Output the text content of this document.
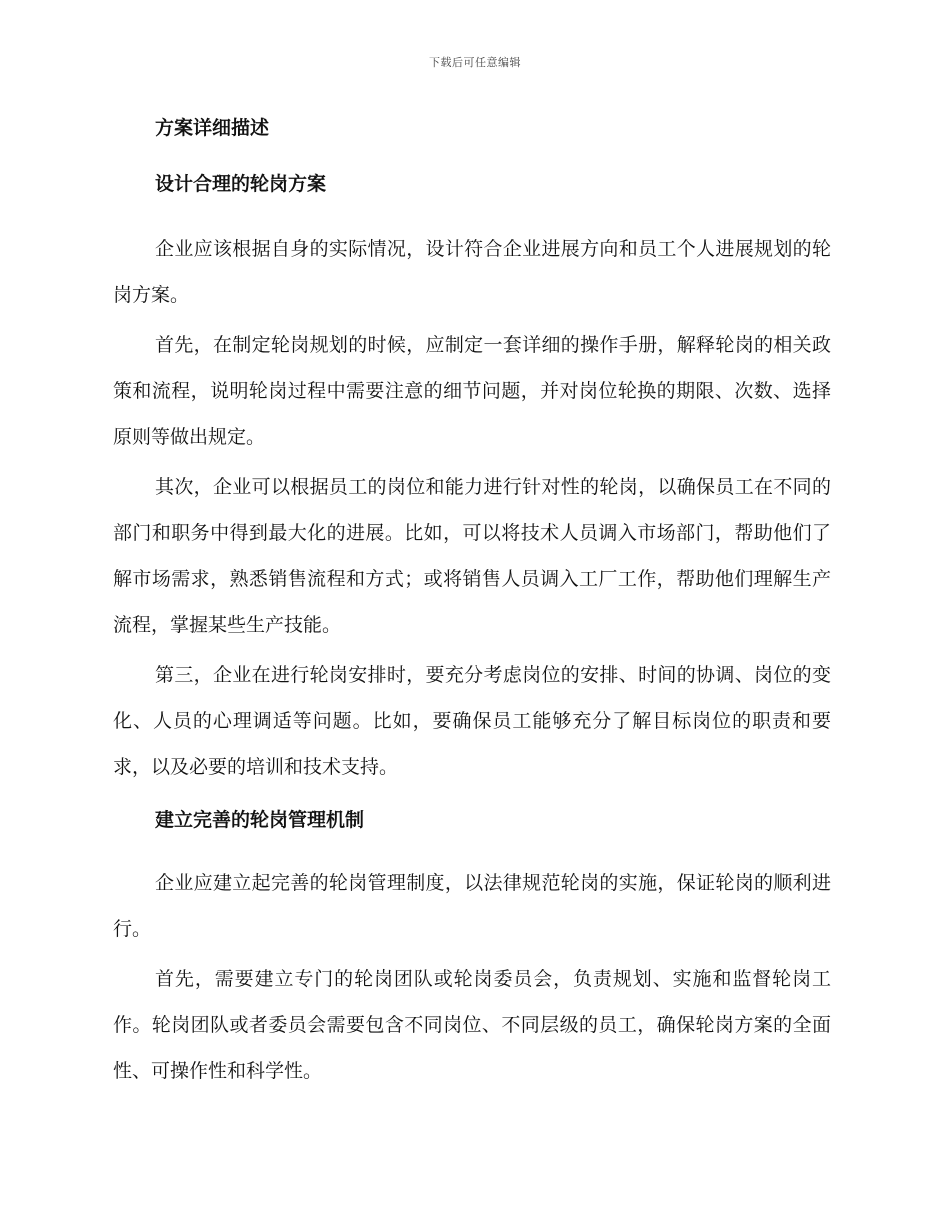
下载后可任意编辑
方案详细描述
设计合理的轮岗方案

企业应该根据自身的实际情况，设计符合企业进展方向和员工个人进展规划的轮岗方案。

首先，在制定轮岗规划的时候，应制定一套详细的操作手册，解释轮岗的相关政策和流程，说明轮岗过程中需要注意的细节问题，并对岗位轮换的期限、次数、选择原则等做出规定。

其次，企业可以根据员工的岗位和能力进行针对性的轮岗，以确保员工在不同的部门和职务中得到最大化的进展。比如，可以将技术人员调入市场部门，帮助他们了解市场需求，熟悉销售流程和方式；或将销售人员调入工厂工作，帮助他们理解生产流程，掌握某些生产技能。

第三，企业在进行轮岗安排时，要充分考虑岗位的安排、时间的协调、岗位的变化、人员的心理调适等问题。比如，要确保员工能够充分了解目标岗位的职责和要求，以及必要的培训和技术支持。

建立完善的轮岗管理机制

企业应建立起完善的轮岗管理制度，以法律规范轮岗的实施，保证轮岗的顺利进行。

首先，需要建立专门的轮岗团队或轮岗委员会，负责规划、实施和监督轮岗工作。轮岗团队或者委员会需要包含不同岗位、不同层级的员工，确保轮岗方案的全面性、可操作性和科学性。
